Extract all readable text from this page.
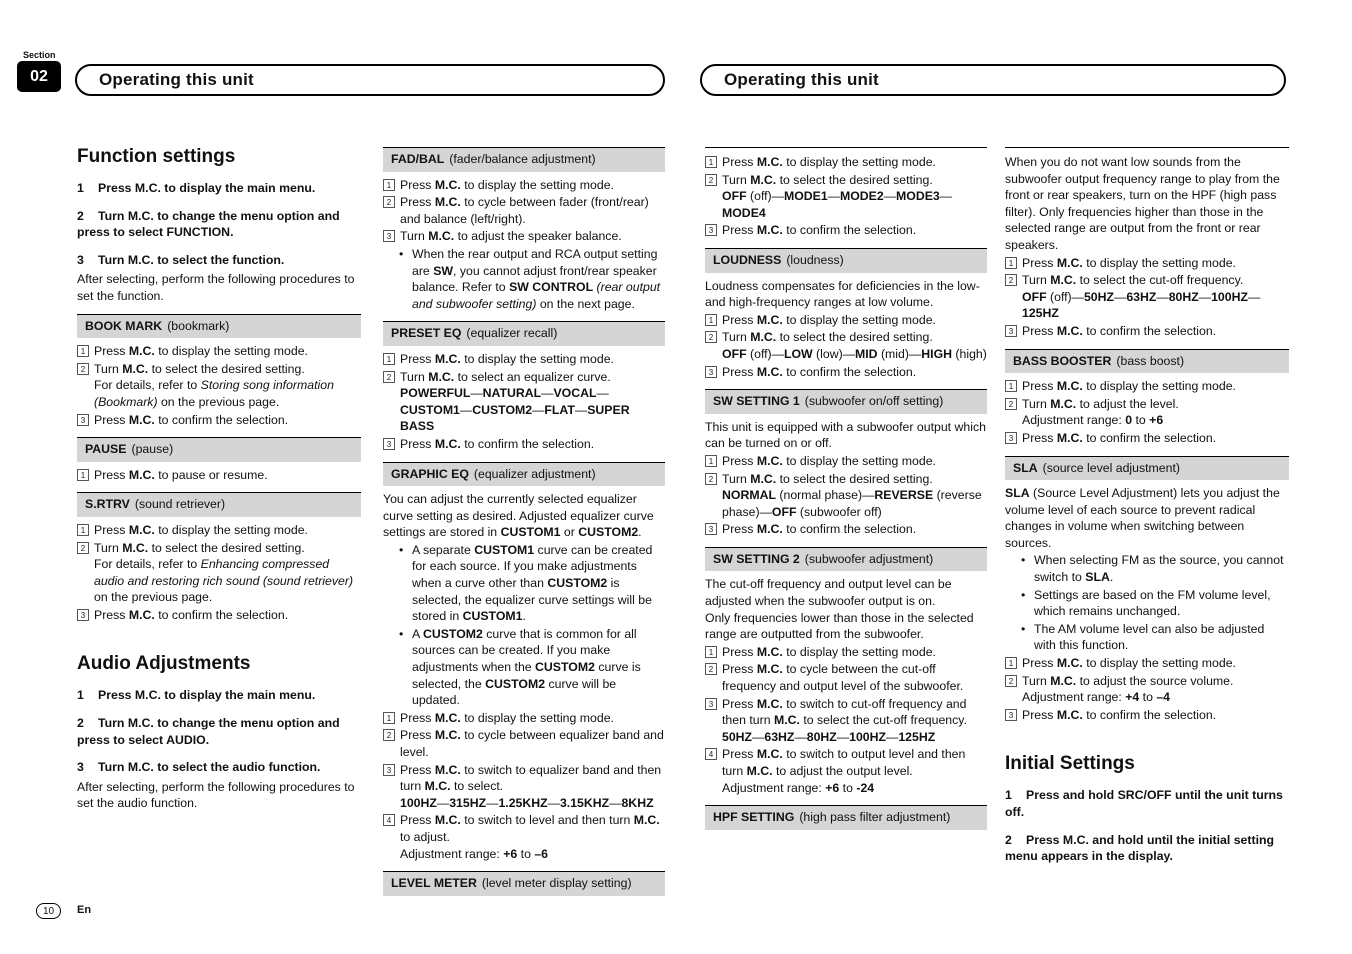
Section
02	Operating this unit	Operating this unit
10	En
Function settings
1 Press M.C. to display the main menu.
2 Turn M.C. to change the menu option and press to select FUNCTION.
3 Turn M.C. to select the function.
After selecting, perform the following procedures to set the function.
BOOK MARK (bookmark)
1 Press M.C. to display the setting mode.
2 Turn M.C. to select the desired setting.
For details, refer to Storing song information (Bookmark) on the previous page.
3 Press M.C. to confirm the selection.
PAUSE (pause)
1 Press M.C. to pause or resume.
S.RTRV (sound retriever)
1 Press M.C. to display the setting mode.
2 Turn M.C. to select the desired setting.
For details, refer to Enhancing compressed audio and restoring rich sound (sound retriever) on the previous page.
3 Press M.C. to confirm the selection.
Audio Adjustments
1 Press M.C. to display the main menu.
2 Turn M.C. to change the menu option and press to select AUDIO.
3 Turn M.C. to select the audio function.
After selecting, perform the following procedures to set the audio function.
FAD/BAL (fader/balance adjustment)
1 Press M.C. to display the setting mode.
2 Press M.C. to cycle between fader (front/rear) and balance (left/right).
3 Turn M.C. to adjust the speaker balance.
• When the rear output and RCA output setting are SW, you cannot adjust front/rear speaker balance. Refer to SW CONTROL (rear output and subwoofer setting) on the next page.
PRESET EQ (equalizer recall)
1 Press M.C. to display the setting mode.
2 Turn M.C. to select an equalizer curve.
POWERFUL—NATURAL—VOCAL—CUSTOM1—CUSTOM2—FLAT—SUPER BASS
3 Press M.C. to confirm the selection.
GRAPHIC EQ (equalizer adjustment)
You can adjust the currently selected equalizer curve setting as desired. Adjusted equalizer curve settings are stored in CUSTOM1 or CUSTOM2.
• A separate CUSTOM1 curve can be created for each source. If you make adjustments when a curve other than CUSTOM2 is selected, the equalizer curve settings will be stored in CUSTOM1.
• A CUSTOM2 curve that is common for all sources can be created. If you make adjustments when the CUSTOM2 curve is selected, the CUSTOM2 curve will be updated.
1 Press M.C. to display the setting mode.
2 Press M.C. to cycle between equalizer band and level.
3 Press M.C. to switch to equalizer band and then turn M.C. to select.
100HZ—315HZ—1.25KHZ—3.15KHZ—8KHZ
4 Press M.C. to switch to level and then turn M.C. to adjust.
Adjustment range: +6 to –6
LEVEL METER (level meter display setting)
1 Press M.C. to display the setting mode.
2 Turn M.C. to select the desired setting.
OFF (off)—MODE1—MODE2—MODE3—MODE4
3 Press M.C. to confirm the selection.
LOUDNESS (loudness)
Loudness compensates for deficiencies in the low- and high-frequency ranges at low volume.
1 Press M.C. to display the setting mode.
2 Turn M.C. to select the desired setting.
OFF (off)—LOW (low)—MID (mid)—HIGH (high)
3 Press M.C. to confirm the selection.
SW SETTING 1 (subwoofer on/off setting)
This unit is equipped with a subwoofer output which can be turned on or off.
1 Press M.C. to display the setting mode.
2 Turn M.C. to select the desired setting.
NORMAL (normal phase)—REVERSE (reverse phase)—OFF (subwoofer off)
3 Press M.C. to confirm the selection.
SW SETTING 2 (subwoofer adjustment)
The cut-off frequency and output level can be adjusted when the subwoofer output is on.
Only frequencies lower than those in the selected range are outputted from the subwoofer.
1 Press M.C. to display the setting mode.
2 Press M.C. to cycle between the cut-off frequency and output level of the subwoofer.
3 Press M.C. to switch to cut-off frequency and then turn M.C. to select the cut-off frequency.
50HZ—63HZ—80HZ—100HZ—125HZ
4 Press M.C. to switch to output level and then turn M.C. to adjust the output level.
Adjustment range: +6 to -24
HPF SETTING (high pass filter adjustment)
When you do not want low sounds from the subwoofer output frequency range to play from the front or rear speakers, turn on the HPF (high pass filter). Only frequencies higher than those in the selected range are output from the front or rear speakers.
1 Press M.C. to display the setting mode.
2 Turn M.C. to select the cut-off frequency.
OFF (off)—50HZ—63HZ—80HZ—100HZ—125HZ
3 Press M.C. to confirm the selection.
BASS BOOSTER (bass boost)
1 Press M.C. to display the setting mode.
2 Turn M.C. to adjust the level.
Adjustment range: 0 to +6
3 Press M.C. to confirm the selection.
SLA (source level adjustment)
SLA (Source Level Adjustment) lets you adjust the volume level of each source to prevent radical changes in volume when switching between sources.
• When selecting FM as the source, you cannot switch to SLA.
• Settings are based on the FM volume level, which remains unchanged.
• The AM volume level can also be adjusted with this function.
1 Press M.C. to display the setting mode.
2 Turn M.C. to adjust the source volume.
Adjustment range: +4 to –4
3 Press M.C. to confirm the selection.
Initial Settings
1 Press and hold SRC/OFF until the unit turns off.
2 Press M.C. and hold until the initial setting menu appears in the display.
